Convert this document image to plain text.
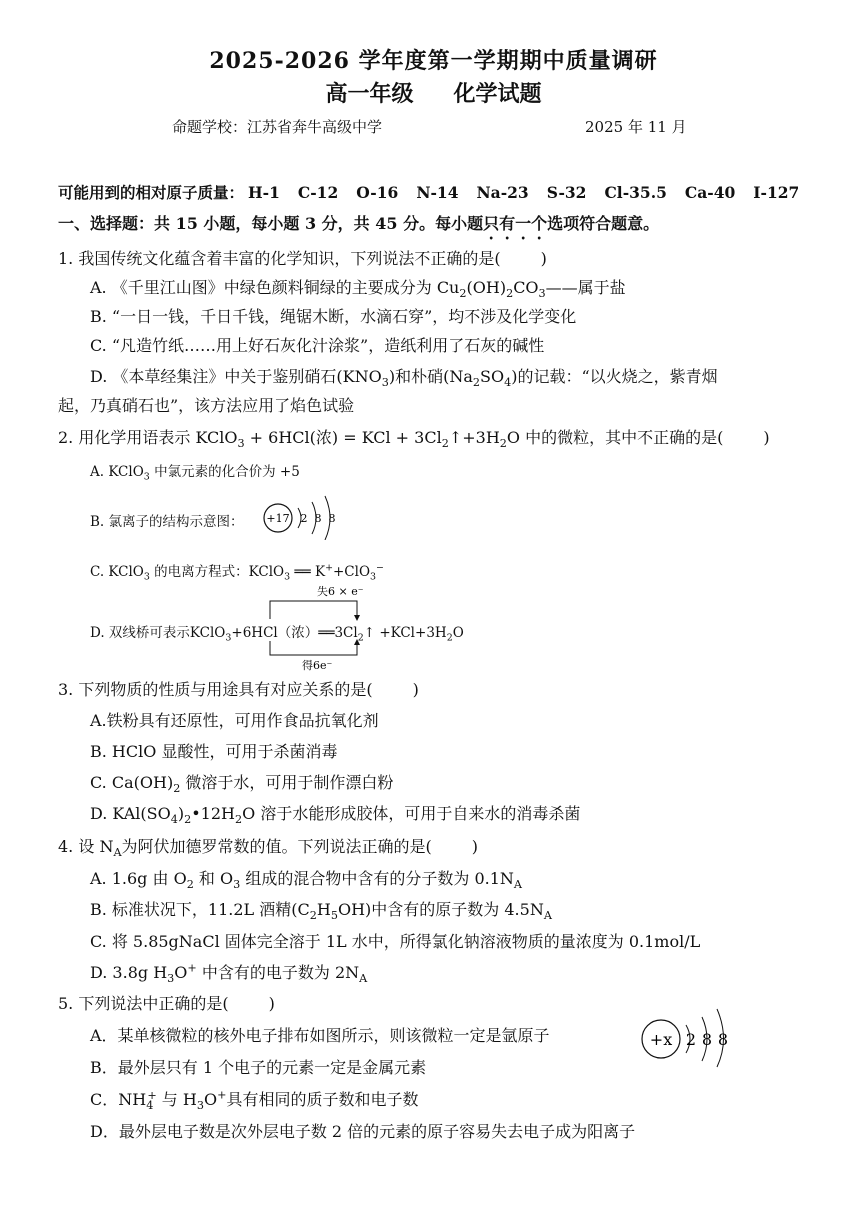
2025-2026 学年度第一学期期中质量调研
高一年级 化学试题
命题学校：江苏省奔牛高级中学	2025 年 11 月
可能用到的相对原子质量： H-1 C-12 O-16 N-14 Na-23 S-32 Cl-35.5 Ca-40 I-127
一、选择题：共 15 小题，每小题 3 分，共 45 分。每小题只有一个选项符合题意。
1. 我国传统文化蕴含着丰富的化学知识，下列说法不正确的是(	)
A. 《千里江山图》中绿色颜料铜绿的主要成分为 $Cu_2(OH)_2CO_3——$属于盐
B. “一日一钱，千日千钱，绳锯木断，水滴石穿”，均不涉及化学变化
C. “凡造竹纸……用上好石灰化汁涂浆”，造纸利用了石灰的碱性
D. 《本草经集注》中关于鉴别硝石$(KNO_3)$和朴硝$(Na_2SO_4)$的记载：“以火烧之，紫青烟
起，乃真硝石也”，该方法应用了焰色试验
2. 用化学用语表示 KClO$_3$ + 6HCl(浓) = KCl + $3Cl_2↑+3H_2O$ 中的微粒，其中不正确的是(	)
A. KClO$_3$ 中氯元素的化合价为 +5
B. 氯离子的结构示意图： +17 2 8 8
C. KClO$_3$ 的电离方程式：KClO$_3$ ══ K++ClO$_3$−
失6 × e⁻
得6e⁻
D. 双线桥可表示KClO$_3$+6HCl（浓）$══3Cl_2↑ +KCl+3H_2O$
3. 下列物质的性质与用途具有对应关系的是(	)
A.铁粉具有还原性，可用作食品抗氧化剂
B. HClO 显酸性，可用于杀菌消毒
C. $Ca(OH)_2$ 微溶于水，可用于制作漂白粉
D. $KAl(SO_4)_2•12H_2O$ 溶于水能形成胶体，可用于自来水的消毒杀菌
4. 设 $N_A$为阿伏加德罗常数的值。下列说法正确的是(	)
A. 1.6g 由 $O_2$ 和 $O_3$ 组成的混合物中含有的分子数为 $0.1N_A$
B. 标准状况下，11.2L 酒精$(C_2H_5OH)$中含有的原子数为 $4.5N_A$
C. 将 5.85gNaCl 固体完全溶于 1L 水中，所得氯化钠溶液物质的量浓度为 0.1mol/L
D. 3.8g $H_3O^+$ 中含有的电子数为 $2N_A$
5. 下列说法中正确的是(	)
A．某单核微粒的核外电子排布如图所示，则该微粒一定是氩原子	+x 2 8 8
B．最外层只有 1 个电子的元素一定是金属元素
C．$NH_4^+$ 与 $H_3O^+$具有相同的质子数和电子数
D．最外层电子数是次外层电子数 2 倍的元素的原子容易失去电子成为阳离子
